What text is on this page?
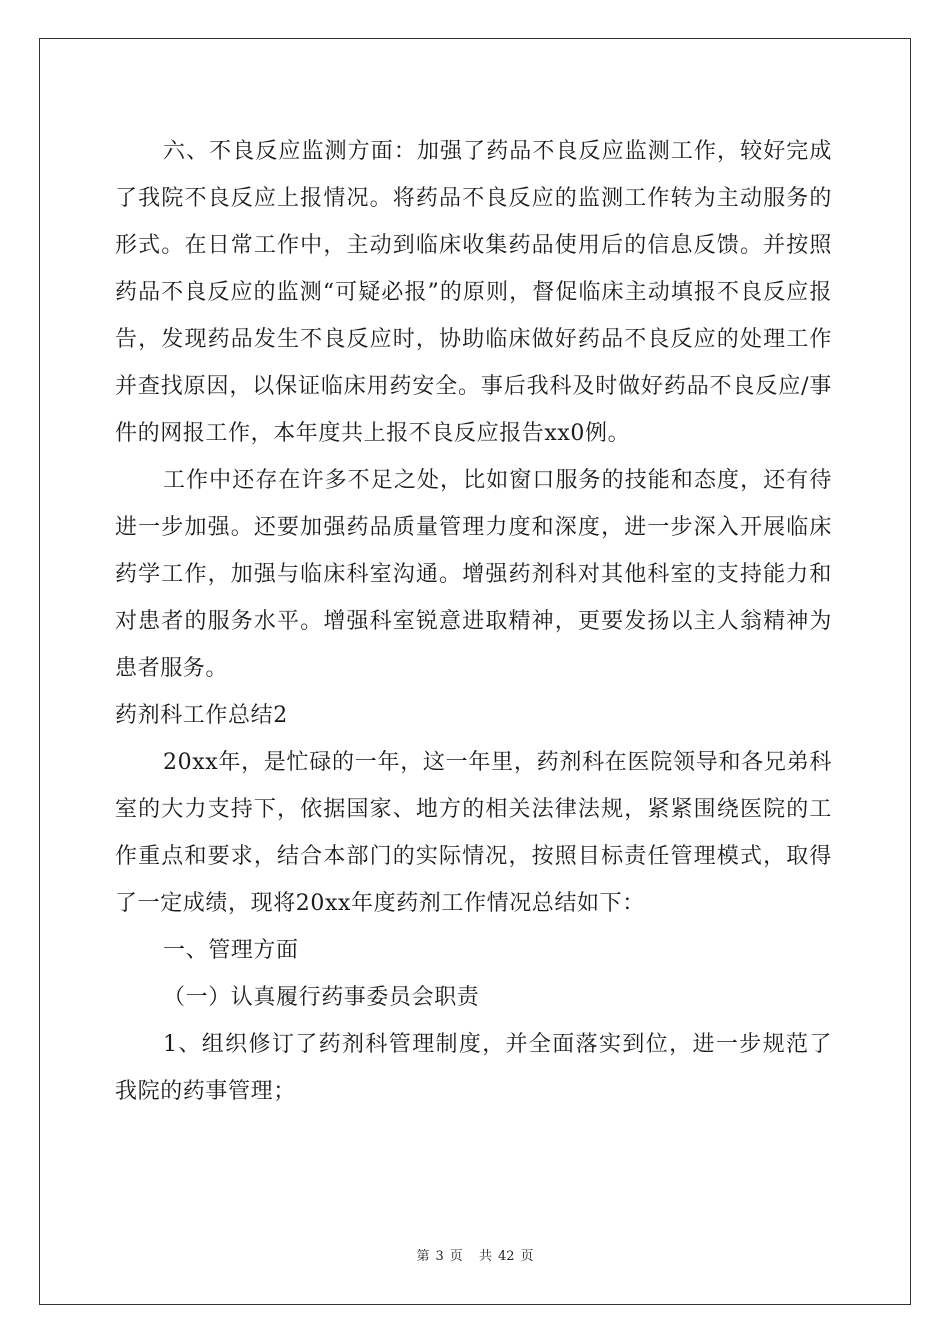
六、不良反应监测方面：加强了药品不良反应监测工作，较好完成了我院不良反应上报情况。将药品不良反应的监测工作转为主动服务的形式。在日常工作中，主动到临床收集药品使用后的信息反馈。并按照药品不良反应的监测“可疑必报”的原则，督促临床主动填报不良反应报告，发现药品发生不良反应时，协助临床做好药品不良反应的处理工作并查找原因，以保证临床用药安全。事后我科及时做好药品不良反应/事件的网报工作，本年度共上报不良反应报告xx0例。

工作中还存在许多不足之处，比如窗口服务的技能和态度，还有待进一步加强。还要加强药品质量管理力度和深度，进一步深入开展临床药学工作，加强与临床科室沟通。增强药剂科对其他科室的支持能力和对患者的服务水平。增强科室锐意进取精神，更要发扬以主人翁精神为患者服务。

药剂科工作总结2

20xx年，是忙碌的一年，这一年里，药剂科在医院领导和各兄弟科室的大力支持下，依据国家、地方的相关法律法规，紧紧围绕医院的工作重点和要求，结合本部门的实际情况，按照目标责任管理模式，取得了一定成绩，现将20xx年度药剂工作情况总结如下：

一、管理方面

（一）认真履行药事委员会职责

1、组织修订了药剂科管理制度，并全面落实到位，进一步规范了我院的药事管理；

第 3 页 共 42 页
